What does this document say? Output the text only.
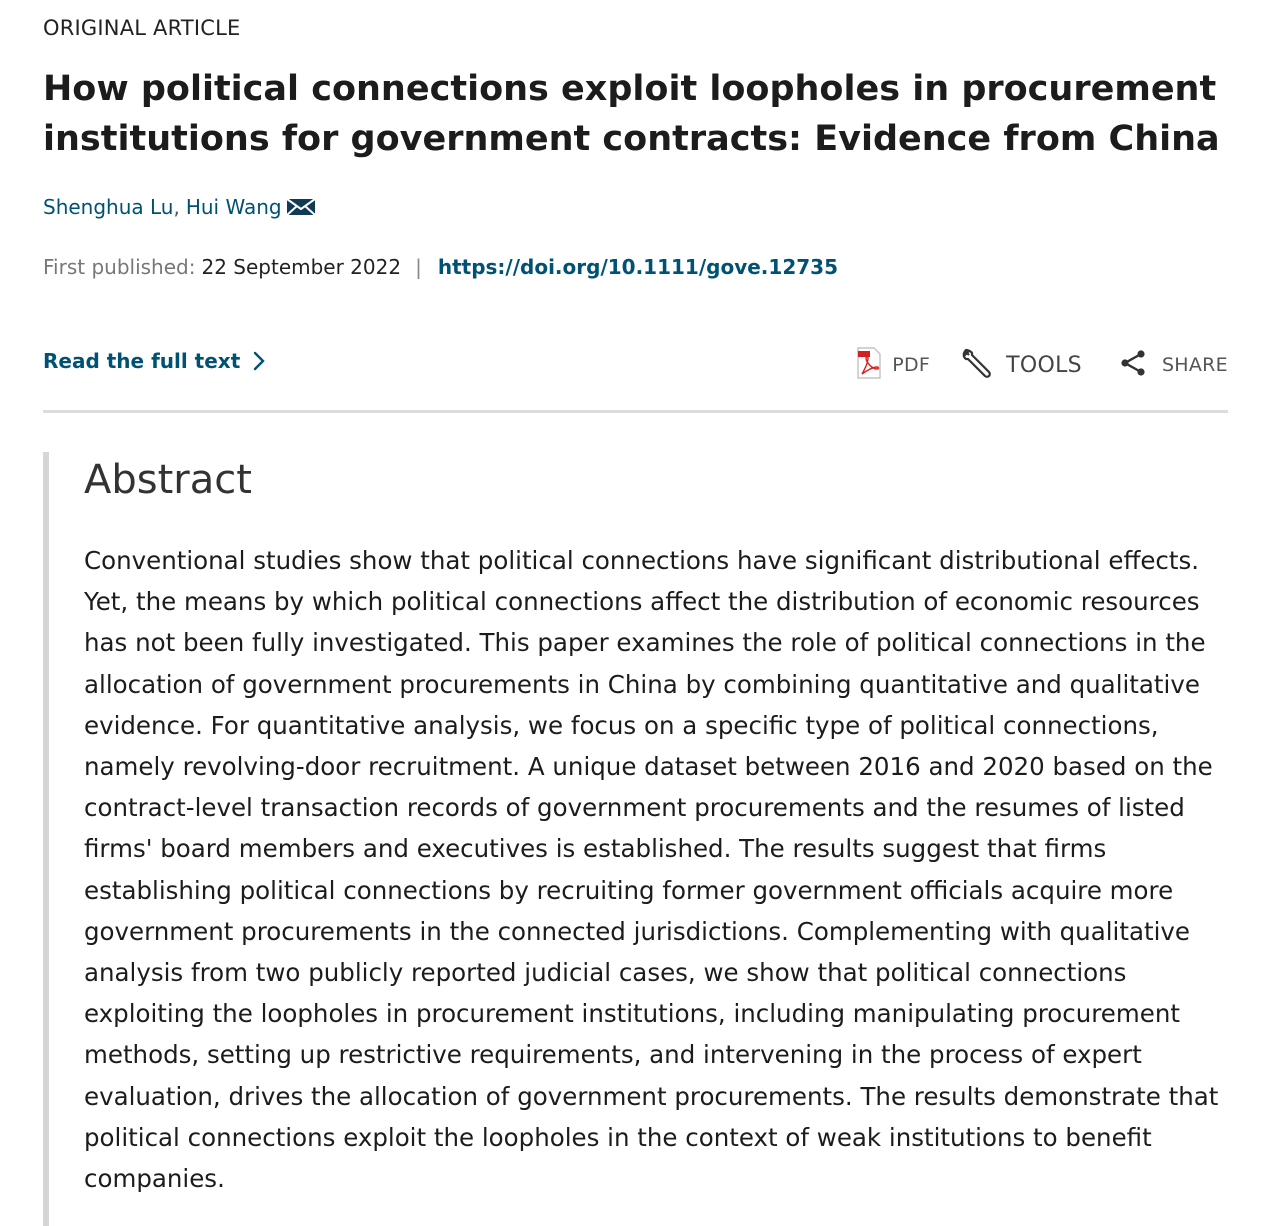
ORIGINAL ARTICLE
How political connections exploit loopholes in procurement institutions for government contracts: Evidence from China
Shenghua Lu , Hui Wang
First published: 22 September 2022 | https://doi.org/10.1111/gove.12735
Read the full text	PDF	TOOLS	SHARE
Abstract

Conventional studies show that political connections have significant distributional effects. Yet, the means by which political connections affect the distribution of economic resources has not been fully investigated. This paper examines the role of political connections in the allocation of government procurements in China by combining quantitative and qualitative evidence. For quantitative analysis, we focus on a specific type of political connections, namely revolving-door recruitment. A unique dataset between 2016 and 2020 based on the contract-level transaction records of government procurements and the resumes of listed firms' board members and executives is established. The results suggest that firms establishing political connections by recruiting former government officials acquire more government procurements in the connected jurisdictions. Complementing with qualitative analysis from two publicly reported judicial cases, we show that political connections exploiting the loopholes in procurement institutions, including manipulating procurement methods, setting up restrictive requirements, and intervening in the process of expert evaluation, drives the allocation of government procurements. The results demonstrate that political connections exploit the loopholes in the context of weak institutions to benefit companies.
